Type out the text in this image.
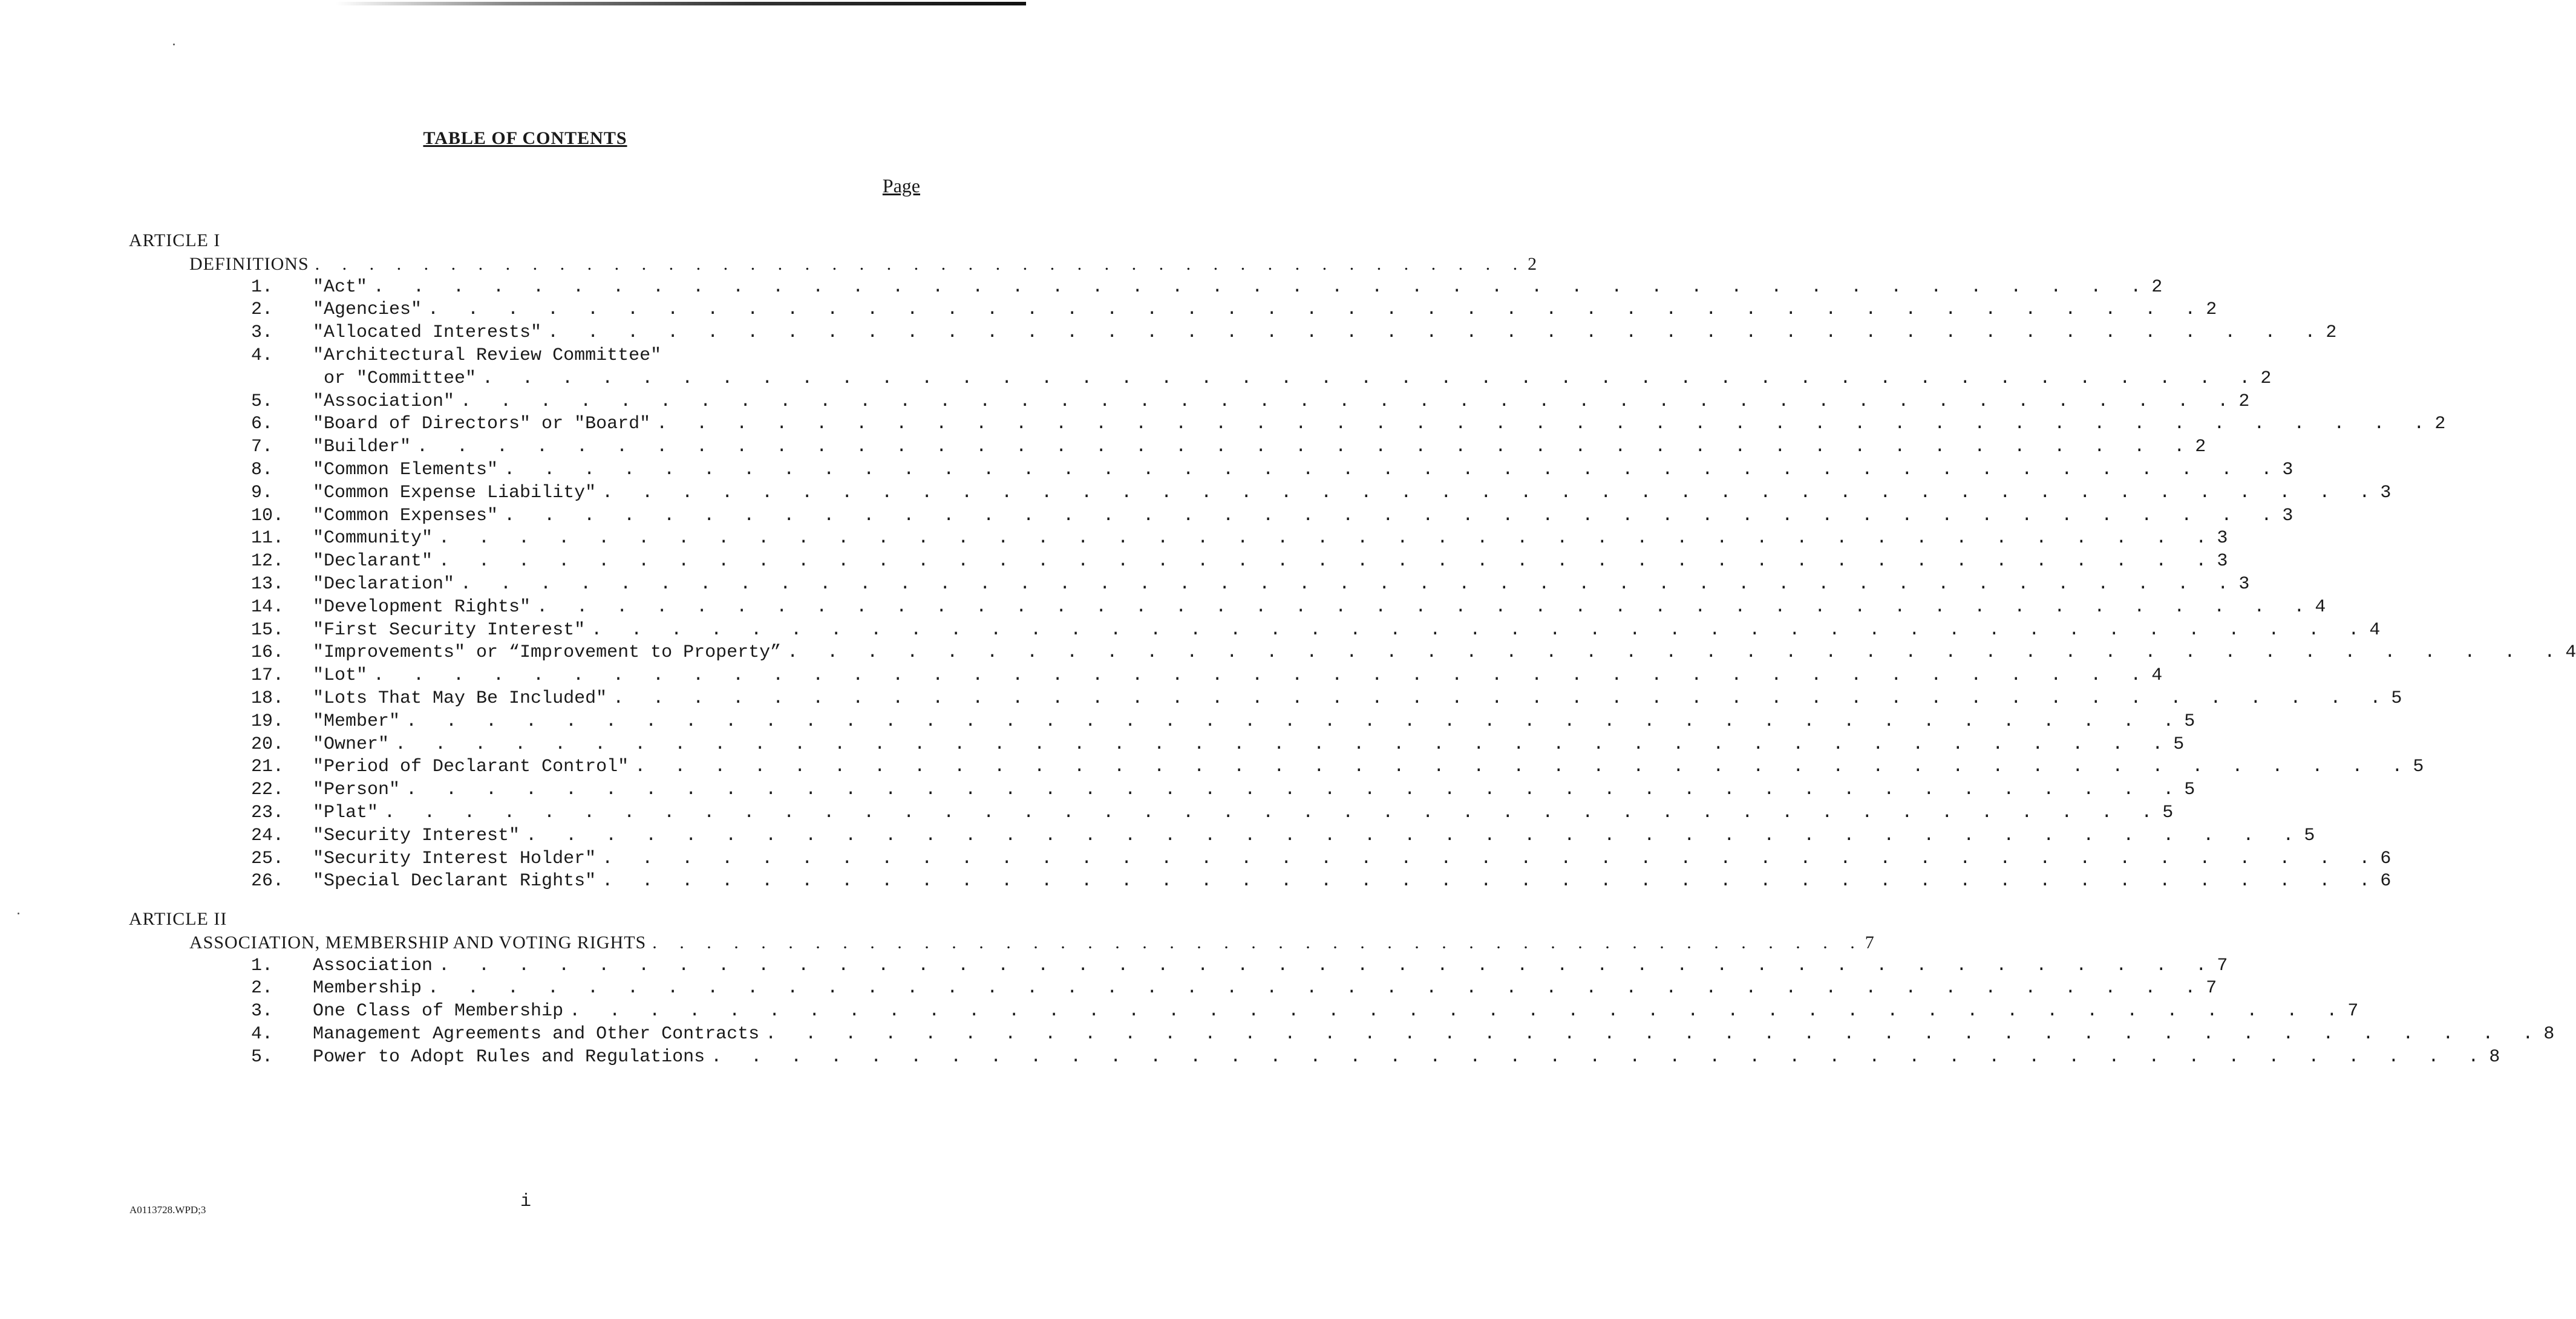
TABLE OF CONTENTS
Page
ARTICLE I
DEFINITIONS . . . . . . . . . . . . . . . . . . . . . . . . . . . . . . . . . . . . . . . . . . . . . 2
1. "Act" . . . . . . . . . . . . . . . . . . . . . . . . . . . . . . . . . . . . . . . . . . . . . 2
2. "Agencies" . . . . . . . . . . . . . . . . . . . . . . . . . . . . . . . . . . . . . . . . . . . . . 2
3. "Allocated Interests" . . . . . . . . . . . . . . . . . . . . . . . . . . . . . . . . . . . . . . . . . . . . . 2
4. "Architectural Review Committee"
or "Committee" . . . . . . . . . . . . . . . . . . . . . . . . . . . . . . . . . . . . . . . . . . . . . 2
5. "Association" . . . . . . . . . . . . . . . . . . . . . . . . . . . . . . . . . . . . . . . . . . . . . 2
6. "Board of Directors" or "Board" . . . . . . . . . . . . . . . . . . . . . . . . . . . . . . . . . . . . . . . . . . . . . 2
7. "Builder" . . . . . . . . . . . . . . . . . . . . . . . . . . . . . . . . . . . . . . . . . . . . . 2
8. "Common Elements" . . . . . . . . . . . . . . . . . . . . . . . . . . . . . . . . . . . . . . . . . . . . . 3
9. "Common Expense Liability" . . . . . . . . . . . . . . . . . . . . . . . . . . . . . . . . . . . . . . . . . . . . . 3
10. "Common Expenses" . . . . . . . . . . . . . . . . . . . . . . . . . . . . . . . . . . . . . . . . . . . . . 3
11. "Community" . . . . . . . . . . . . . . . . . . . . . . . . . . . . . . . . . . . . . . . . . . . . . 3
12. "Declarant" . . . . . . . . . . . . . . . . . . . . . . . . . . . . . . . . . . . . . . . . . . . . . 3
13. "Declaration" . . . . . . . . . . . . . . . . . . . . . . . . . . . . . . . . . . . . . . . . . . . . . 3
14. "Development Rights" . . . . . . . . . . . . . . . . . . . . . . . . . . . . . . . . . . . . . . . . . . . . . 4
15. "First Security Interest" . . . . . . . . . . . . . . . . . . . . . . . . . . . . . . . . . . . . . . . . . . . . . 4
16. "Improvements" or “Improvement to Property” . . . . . . . . . . . . . . . . . . . . . . . . . . . . . . . . . . . . . . . . . . . . . 4
17. "Lot" . . . . . . . . . . . . . . . . . . . . . . . . . . . . . . . . . . . . . . . . . . . . . 4
18. "Lots That May Be Included" . . . . . . . . . . . . . . . . . . . . . . . . . . . . . . . . . . . . . . . . . . . . . 5
19. "Member" . . . . . . . . . . . . . . . . . . . . . . . . . . . . . . . . . . . . . . . . . . . . . 5
20. "Owner" . . . . . . . . . . . . . . . . . . . . . . . . . . . . . . . . . . . . . . . . . . . . . 5
21. "Period of Declarant Control" . . . . . . . . . . . . . . . . . . . . . . . . . . . . . . . . . . . . . . . . . . . . . 5
22. "Person" . . . . . . . . . . . . . . . . . . . . . . . . . . . . . . . . . . . . . . . . . . . . . 5
23. "Plat" . . . . . . . . . . . . . . . . . . . . . . . . . . . . . . . . . . . . . . . . . . . . . 5
24. "Security Interest" . . . . . . . . . . . . . . . . . . . . . . . . . . . . . . . . . . . . . . . . . . . . . 5
25. "Security Interest Holder" . . . . . . . . . . . . . . . . . . . . . . . . . . . . . . . . . . . . . . . . . . . . . 6
26. "Special Declarant Rights" . . . . . . . . . . . . . . . . . . . . . . . . . . . . . . . . . . . . . . . . . . . . . 6
ARTICLE II
ASSOCIATION, MEMBERSHIP AND VOTING RIGHTS . . . . . . . . . . . . . . . . . . . . . . . . . . . . . . . . . . . . . . . . . . . . . 7
1. Association . . . . . . . . . . . . . . . . . . . . . . . . . . . . . . . . . . . . . . . . . . . . . 7
2. Membership . . . . . . . . . . . . . . . . . . . . . . . . . . . . . . . . . . . . . . . . . . . . . 7
3. One Class of Membership . . . . . . . . . . . . . . . . . . . . . . . . . . . . . . . . . . . . . . . . . . . . . 7
4. Management Agreements and Other Contracts . . . . . . . . . . . . . . . . . . . . . . . . . . . . . . . . . . . . . . . . . . . . . 8
5. Power to Adopt Rules and Regulations . . . . . . . . . . . . . . . . . . . . . . . . . . . . . . . . . . . . . . . . . . . . . 8
A0113728.WPD;3	i
